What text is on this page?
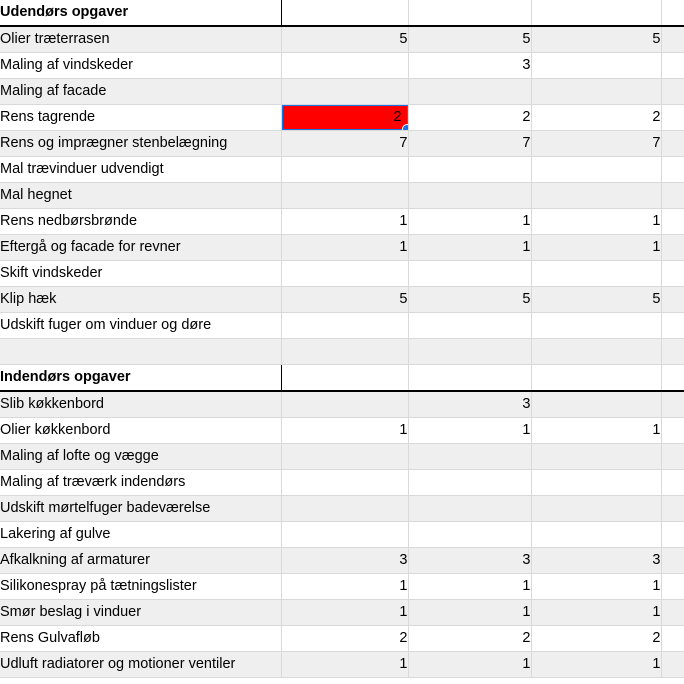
Udendørs opgaver				
Olier træterrasen	5	5	5	
Maling af vindskeder		3		
Maling af facade				
Rens tagrende	2	2	2	
Rens og imprægner stenbelægning	7	7	7	
Mal trævinduer udvendigt				
Mal hegnet				
Rens nedbørsbrønde	1	1	1	
Eftergå og facade for revner	1	1	1	
Skift vindskeder				
Klip hæk	5	5	5	
Udskift fuger om vinduer og døre				

Indendørs opgaver				
Slib køkkenbord		3		
Olier køkkenbord	1	1	1	
Maling af lofte og vægge				
Maling af træværk indendørs				
Udskift mørtelfuger badeværelse				
Lakering af gulve				
Afkalkning af armaturer	3	3	3	
Silikonespray på tætningslister	1	1	1	
Smør beslag i vinduer	1	1	1	
Rens Gulvafløb	2	2	2	
Udluft radiatorer og motioner ventiler	1	1	1	
